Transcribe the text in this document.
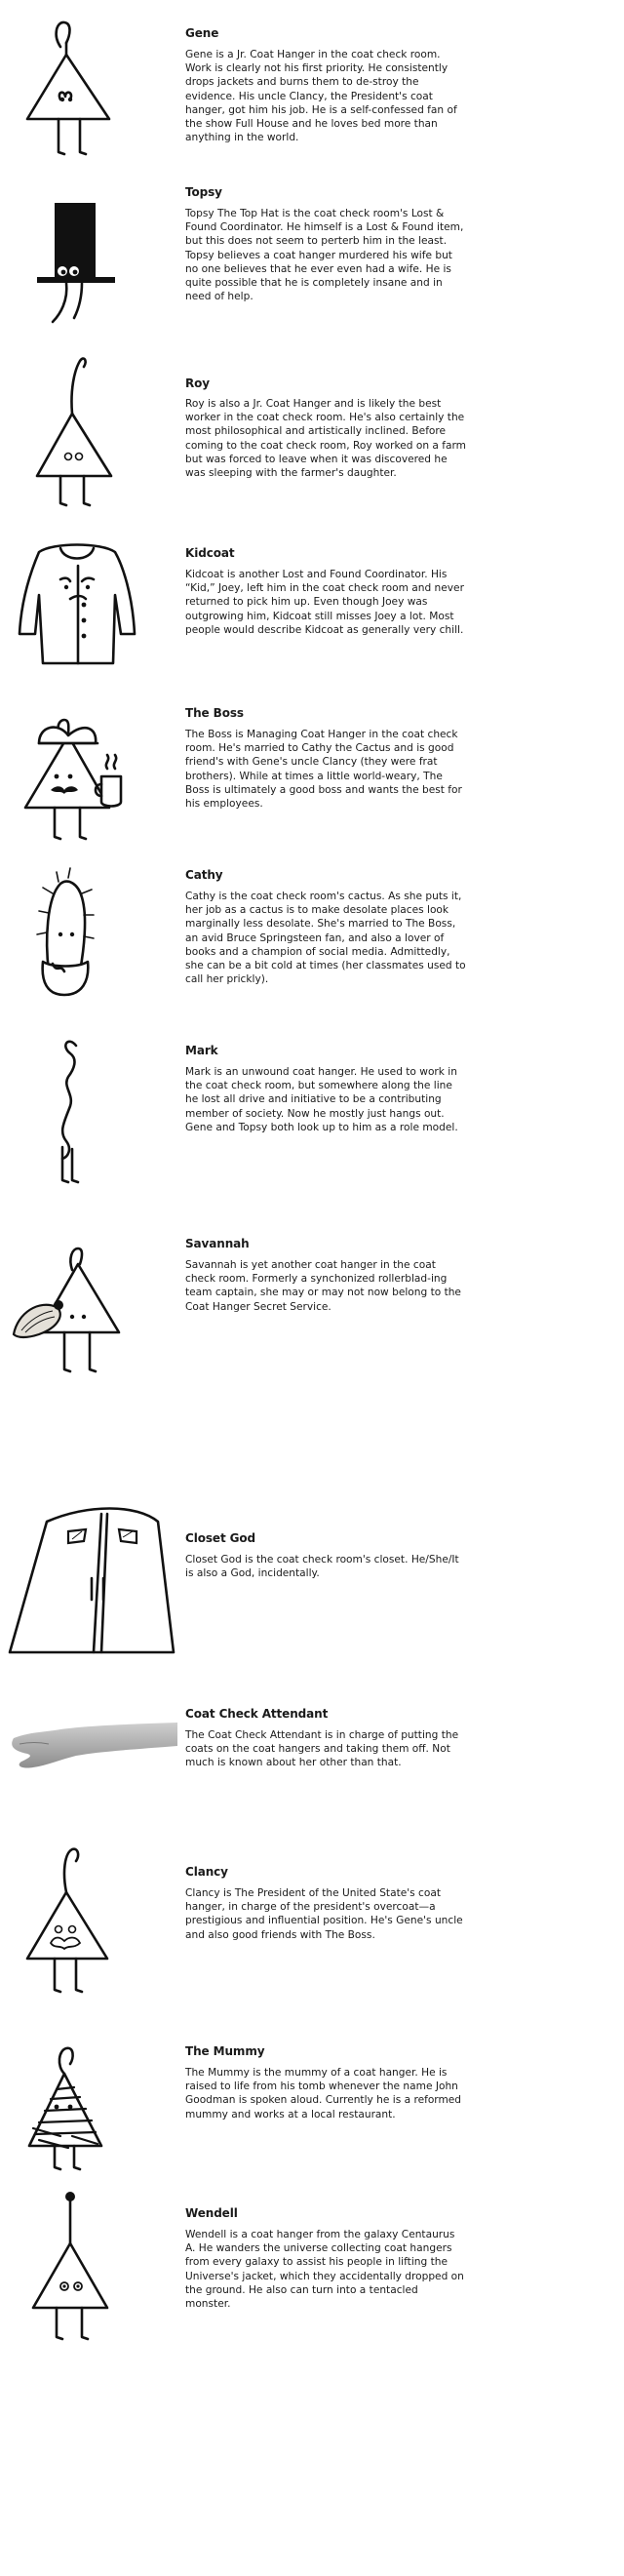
Gene

Gene is a Jr. Coat Hanger in the coat check room. Work is clearly not his first priority. He consistently drops jackets and burns them to de-stroy the evidence. His uncle Clancy, the President's coat hanger, got him his job. He is a self-confessed fan of the show Full House and he loves bed more than anything in the world.

Topsy

Topsy The Top Hat is the coat check room's Lost & Found Coordinator. He himself is a Lost & Found item, but this does not seem to perterb him in the least. Topsy believes a coat hanger murdered his wife but no one believes that he ever even had a wife. He is quite possible that he is completely insane and in need of help.

Roy

Roy is also a Jr. Coat Hanger and is likely the best worker in the coat check room. He's also certainly the most philosophical and artistically inclined. Before coming to the coat check room, Roy worked on a farm but was forced to leave when it was discovered he was sleeping with the farmer's daughter.

Kidcoat

Kidcoat is another Lost and Found Coordinator. His “Kid,” Joey, left him in the coat check room and never returned to pick him up. Even though Joey was outgrowing him, Kidcoat still misses Joey a lot. Most people would describe Kidcoat as generally very chill.

The Boss

The Boss is Managing Coat Hanger in the coat check room. He's married to Cathy the Cactus and is good friend's with Gene's uncle Clancy (they were frat brothers). While at times a little world-weary, The Boss is ultimately a good boss and wants the best for his employees.

Cathy

Cathy is the coat check room's cactus. As she puts it, her job as a cactus is to make desolate places look marginally less desolate. She's married to The Boss, an avid Bruce Springsteen fan, and also a lover of books and a champion of social media. Admittedly, she can be a bit cold at times (her classmates used to call her prickly).

Mark

Mark is an unwound coat hanger. He used to work in the coat check room, but somewhere along the line he lost all drive and initiative to be a contributing member of society. Now he mostly just hangs out. Gene and Topsy both look up to him as a role model.

Savannah

Savannah is yet another coat hanger in the coat check room. Formerly a synchonized rollerblad-ing team captain, she may or may not now belong to the Coat Hanger Secret Service.

Closet God

Closet God is the coat check room's closet. He/She/It is also a God, incidentally.

Coat Check Attendant

The Coat Check Attendant is in charge of putting the coats on the coat hangers and taking them off. Not much is known about her other than that.

Clancy

Clancy is The President of the United State's coat hanger, in charge of the president's overcoat—a prestigious and influential position. He's Gene's uncle and also good friends with The Boss.

The Mummy

The Mummy is the mummy of a coat hanger. He is raised to life from his tomb whenever the name John Goodman is spoken aloud. Currently he is a reformed mummy and works at a local restaurant.

Wendell

Wendell is a coat hanger from the galaxy Centaurus A. He wanders the universe collecting coat hangers from every galaxy to assist his people in lifting the Universe's jacket, which they accidentally dropped on the ground. He also can turn into a tentacled monster.
